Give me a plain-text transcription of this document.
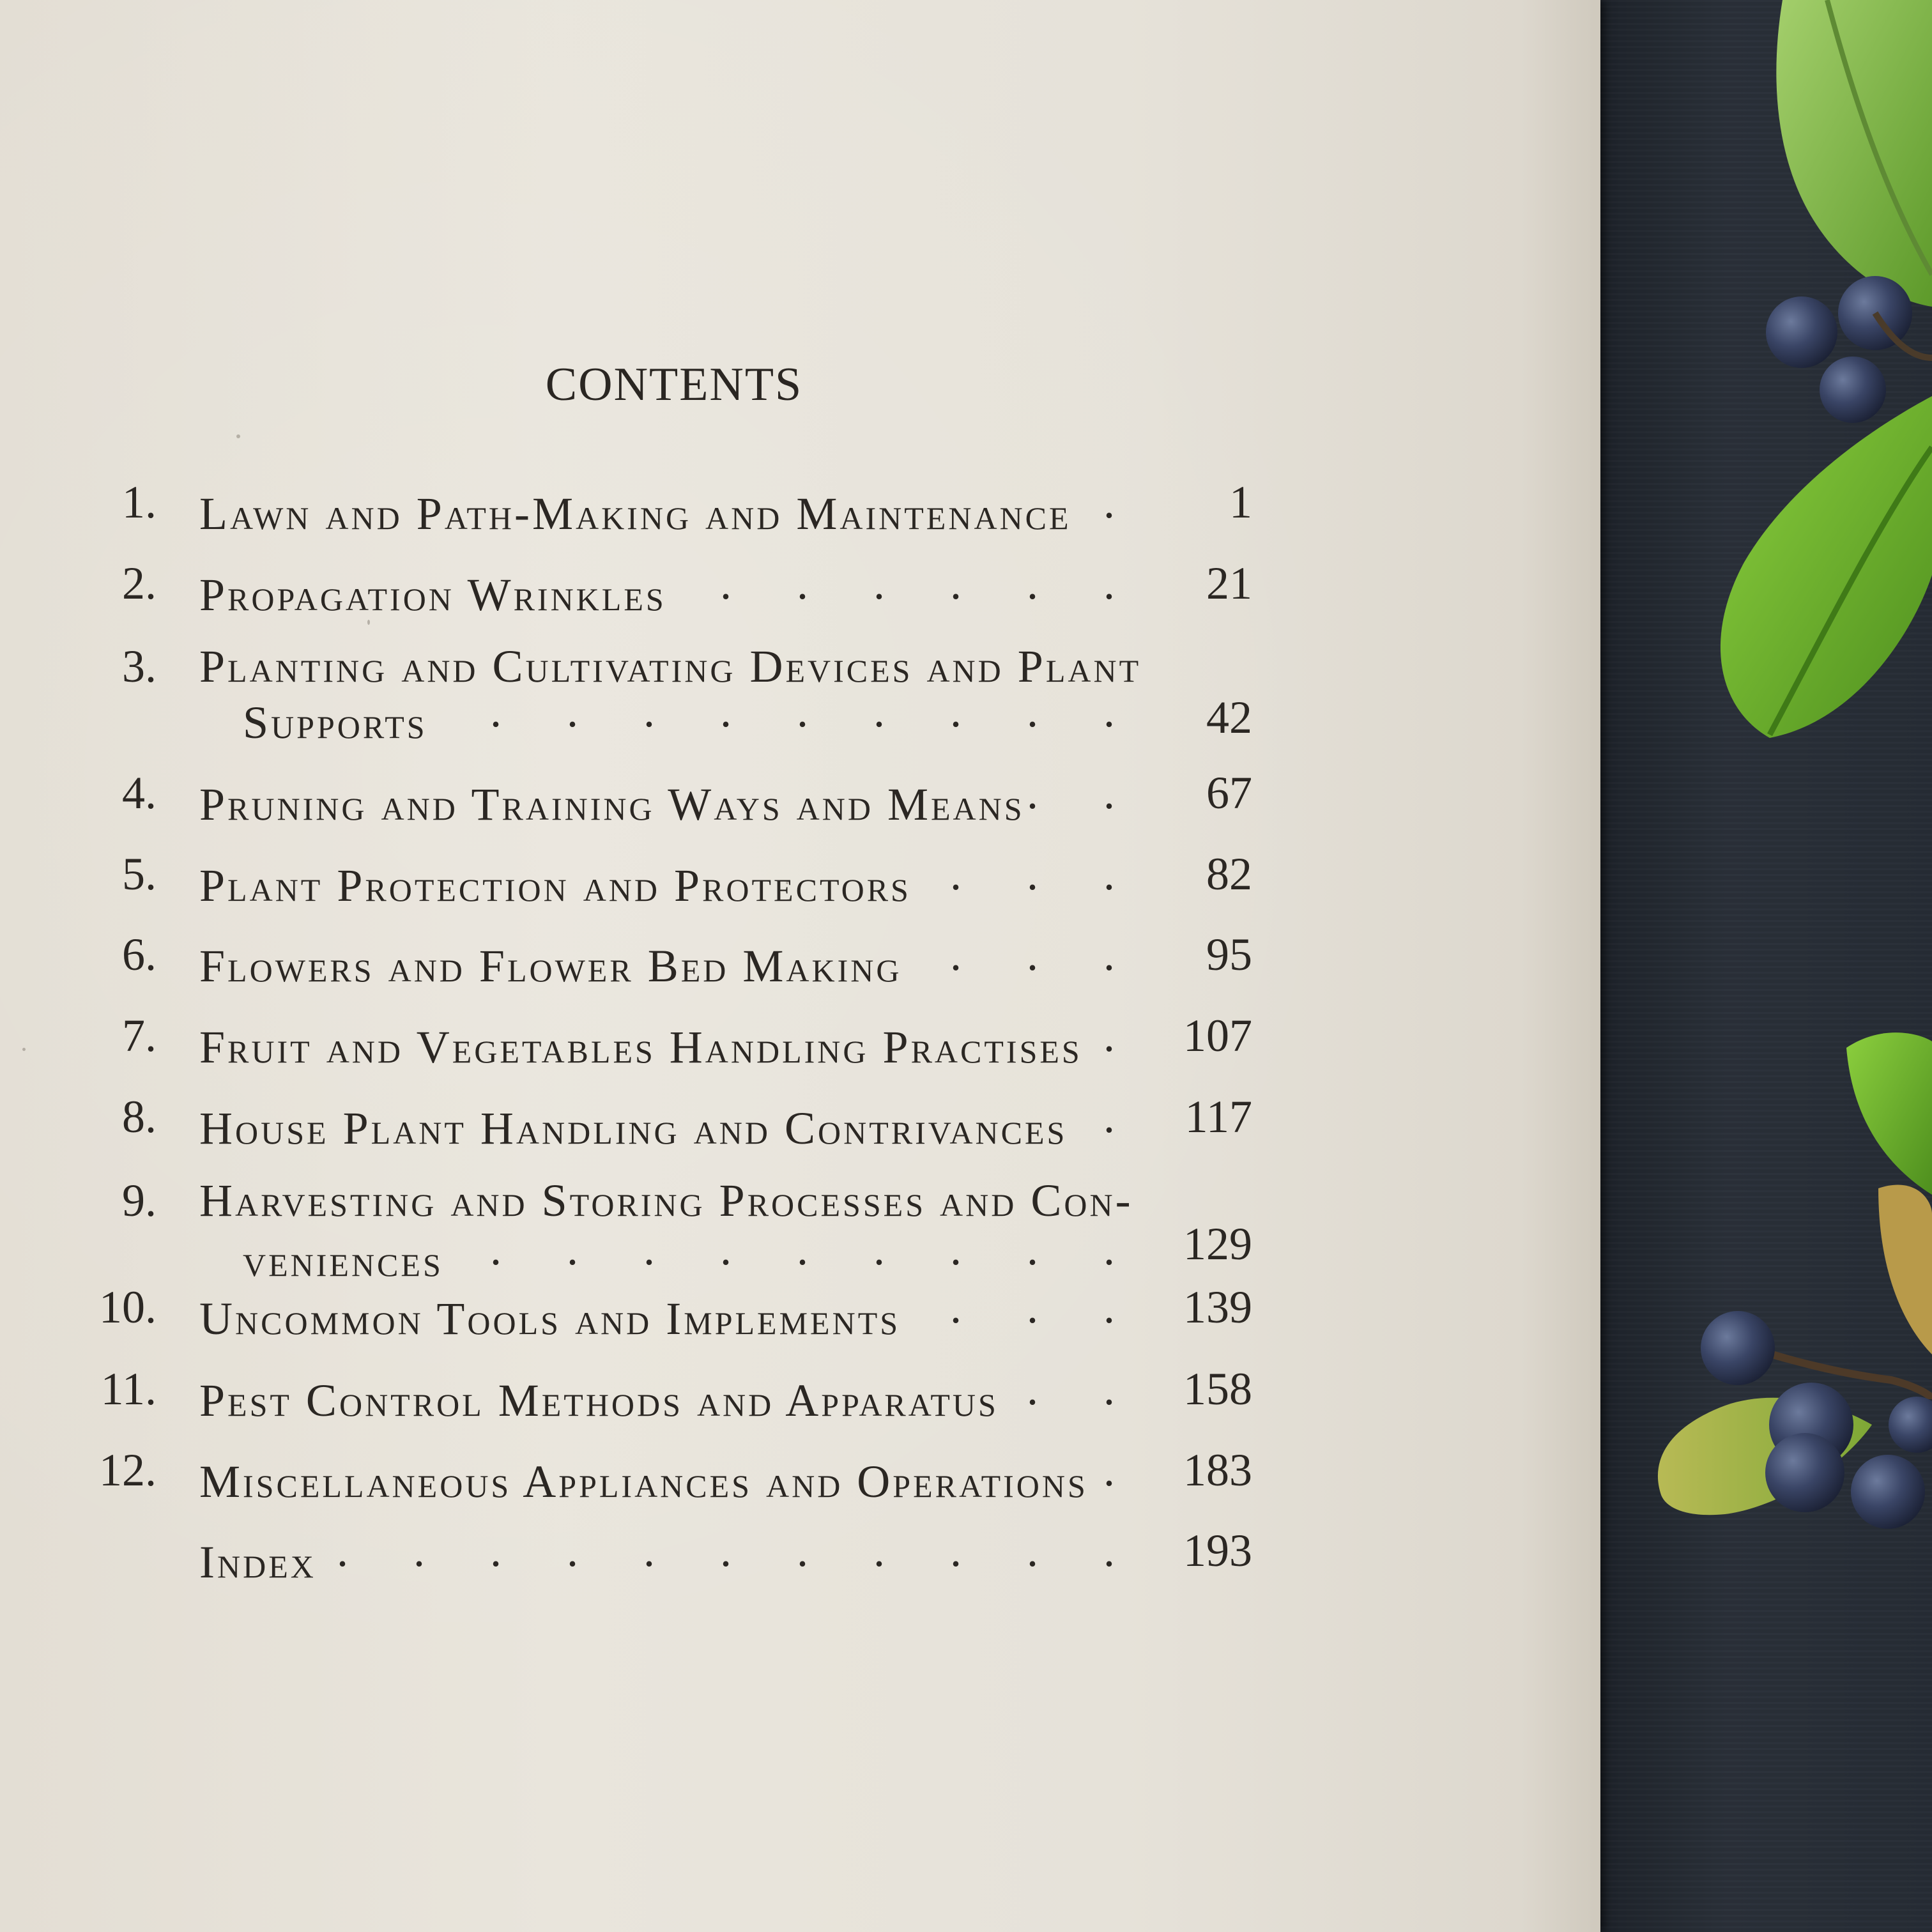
CONTENTS
1. Lawn and Path-Making and Maintenance . . .	1
2. Propagation Wrinkles . . .	21
3. Planting and Cultivating Devices and Plant
Supports . . .	42
4. Pruning and Training Ways and Means . . .	67
5. Plant Protection and Protectors . . .	82
6. Flowers and Flower Bed Making . . .	95
7. Fruit and Vegetables Handling Practises . . .	107
8. House Plant Handling and Contrivances . . .	117
9. Harvesting and Storing Processes and Con-
veniences . . .	129
10. Uncommon Tools and Implements . . .	139
11. Pest Control Methods and Apparatus . . .	158
12. Miscellaneous Appliances and Operations . . .	183
Index . . .	193
